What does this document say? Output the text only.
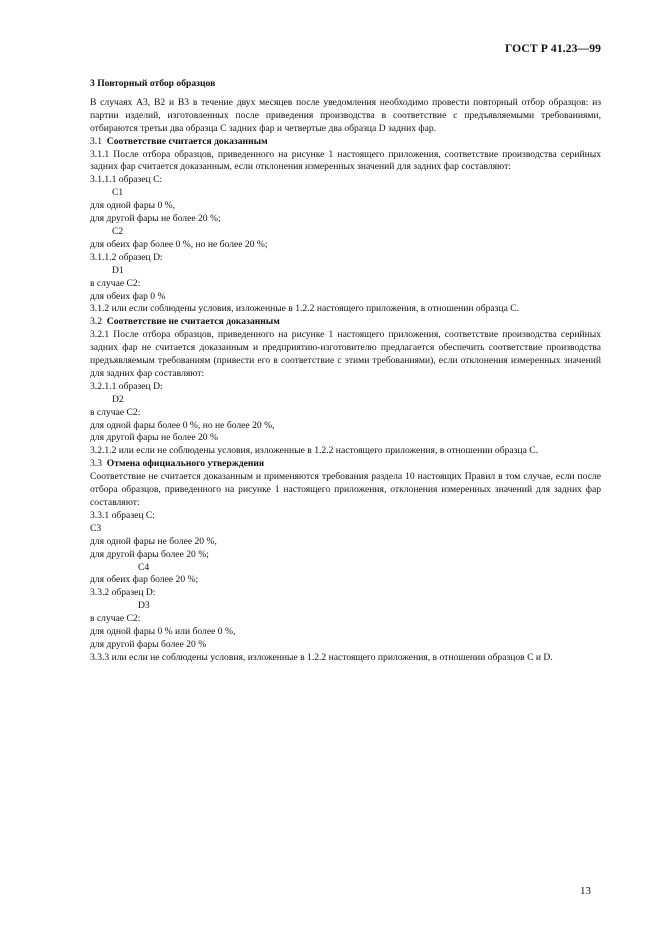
ГОСТ Р 41.23—99
3 Повторный отбор образцов

В случаях А3, В2 и В3 в течение двух месяцев после уведомления необходимо провести повторный отбор образцов: из партии изделий, изготовленных после приведения производства в соответствие с предъявляемыми требованиями, отбираются третьи два образца С задних фар и четвертые два образца D задних фар.

3.1 Соответствие считается доказанным

3.1.1 После отбора образцов, приведенного на рисунке 1 настоящего приложения, соответствие производства серийных задних фар считается доказанным, если отклонения измеренных значений для задних фар составляют:

3.1.1.1 образец С:
С1
для одной фары 0 %,
для другой фары не более 20 %;
С2
для обеих фар более 0 %, но не более 20 %;
3.1.1.2 образец D:
D1
в случае С2:
для обеих фар 0 %

3.1.2 или если соблюдены условия, изложенные в 1.2.2 настоящего приложения, в отношении образца С.

3.2 Соответствие не считается доказанным

3.2.1 После отбора образцов, приведенного на рисунке 1 настоящего приложения, соответствие производства серийных задних фар не считается доказанным и предприятию-изготовителю предлагается обеспечить соответствие производства предъявляемым требованиям (привести его в соответствие с этими требованиями), если отклонения измеренных значений для задних фар составляют:

3.2.1.1 образец D:
D2
в случае С2:
для одной фары более 0 %, но не более 20 %,
для другой фары не более 20 %

3.2.1.2 или если не соблюдены условия, изложенные в 1.2.2 настоящего приложения, в отношении образца С.

3.3 Отмена официального утверждения

Соответствие не считается доказанным и применяются требования раздела 10 настоящих Правил в том случае, если после отбора образцов, приведенного на рисунке 1 настоящего приложения, отклонения измеренных значений для задних фар составляют:

3.3.1 образец С:
С3
для одной фары не более 20 %,
для другой фары более 20 %;
С4
для обеих фар более 20 %;
3.3.2 образец D:
D3
в случае С2:
для одной фары 0 % или более 0 %,
для другой фары более 20 %

3.3.3 или если не соблюдены условия, изложенные в 1.2.2 настоящего приложения, в отношении образцов С и D.

13
